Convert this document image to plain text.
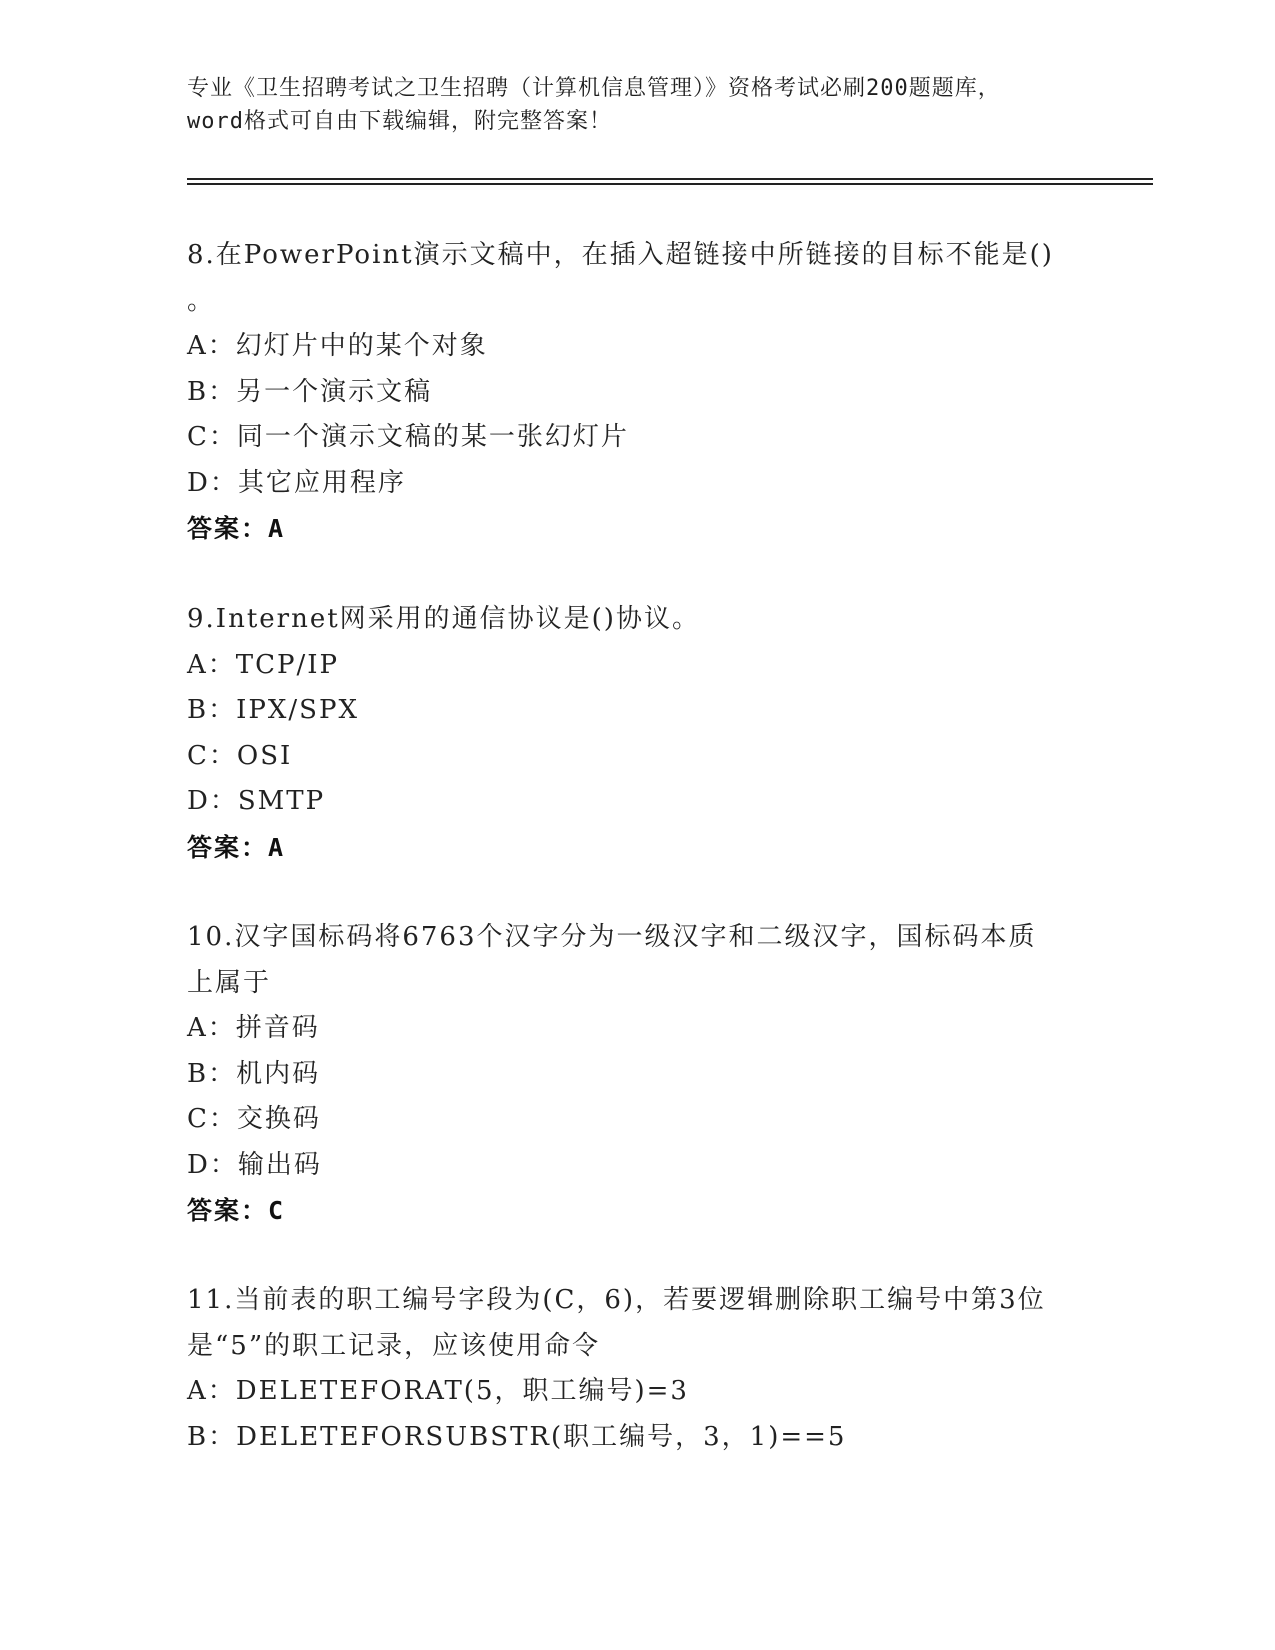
专业《卫生招聘考试之卫生招聘（计算机信息管理）》资格考试必刷200题题库，
word格式可自由下载编辑，附完整答案！
8.在PowerPoint演示文稿中，在插入超链接中所链接的目标不能是()
。
A：幻灯片中的某个对象
B：另一个演示文稿
C：同一个演示文稿的某一张幻灯片
D：其它应用程序
答案：A
9.Internet网采用的通信协议是()协议。
A：TCP/IP
B：IPX/SPX
C：OSI
D：SMTP
答案：A
10.汉字国标码将6763个汉字分为一级汉字和二级汉字，国标码本质
上属于
A：拼音码
B：机内码
C：交换码
D：输出码
答案：C
11.当前表的职工编号字段为(C，6)，若要逻辑删除职工编号中第3位
是“5”的职工记录，应该使用命令
A：DELETEFORAT(5，职工编号)=3
B：DELETEFORSUBSTR(职工编号，3，1)==5
